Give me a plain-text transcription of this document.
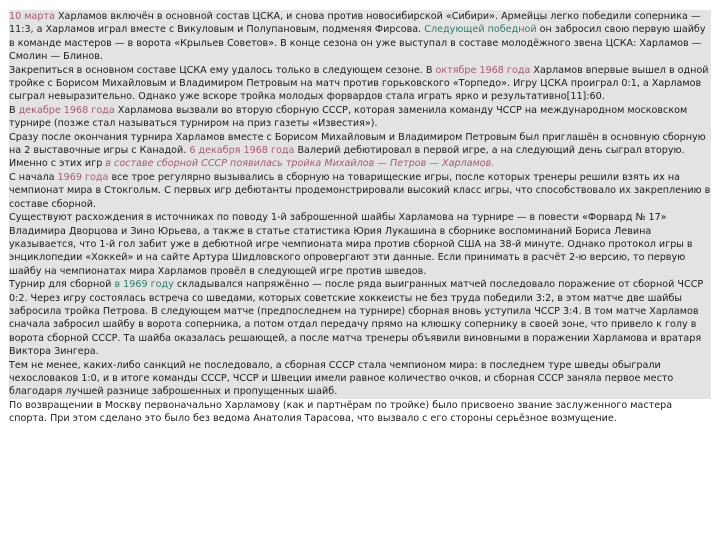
10 марта Харламов включён в основной состав ЦСКА, и снова против новосибирской «Сибири». Армейцы легко победили соперника — 11:3, а Харламов играл вместе с Викуловым и Полупановым, подменяя Фирсова. Следующей победной он забросил свою первую шайбу в команде мастеров — в ворота «Крыльев Советов». В конце сезона он уже выступал в составе молодёжного звена ЦСКА: Харламов — Смолин — Блинов.

Закрепиться в основном составе ЦСКА ему удалось только в следующем сезоне. В октябре 1968 года Харламов впервые вышел в одной тройке с Борисом Михайловым и Владимиром Петровым на матч против горьковского «Торпедо». Игру ЦСКА проиграл 0:1, а Харламов сыграл невыразительно. Однако уже вскоре тройка молодых форвардов стала играть ярко и результативно[11]:60.

В декабре 1968 года Харламова вызвали во вторую сборную СССР, которая заменила команду ЧССР на международном московском турнире (позже стал называться турниром на приз газеты «Известия»).

Сразу после окончания турнира Харламов вместе с Борисом Михайловым и Владимиром Петровым был приглашён в основную сборную на 2 выставочные игры с Канадой. 6 декабря 1968 года Валерий дебютировал в первой игре, а на следующий день сыграл вторую. Именно с этих игр в составе сборной СССР появилась тройка Михайлов — Петров — Харламов.

С начала 1969 года все трое регулярно вызывались в сборную на товарищеские игры, после которых тренеры решили взять их на чемпионат мира в Стокгольм. С первых игр дебютанты продемонстрировали высокий класс игры, что способствовало их закреплению в составе сборной.

Существуют расхождения в источниках по поводу 1-й заброшенной шайбы Харламова на турнире — в повести «Форвард № 17» Владимира Дворцова и Зино Юрьева, а также в статье статистика Юрия Лукашина в сборнике воспоминаний Бориса Левина указывается, что 1-й гол забит уже в дебютной игре чемпионата мира против сборной США на 38-й минуте. Однако протокол игры в энциклопедии «Хоккей» и на сайте Артура Шидловского опровергают эти данные. Если принимать в расчёт 2-ю версию, то первую шайбу на чемпионатах мира Харламов провёл в следующей игре против шведов.

Турнир для сборной в 1969 году складывался напряжённо — после ряда выигранных матчей последовало поражение от сборной ЧССР 0:2. Через игру состоялась встреча со шведами, которых советские хоккеисты не без труда победили 3:2, в этом матче две шайбы забросила тройка Петрова. В следующем матче (предпоследнем на турнире) сборная вновь уступила ЧССР 3:4. В том матче Харламов сначала забросил шайбу в ворота соперника, а потом отдал передачу прямо на клюшку сопернику в своей зоне, что привело к голу в ворота сборной СССР. Та шайба оказалась решающей, а после матча тренеры объявили виновными в поражении Харламова и вратаря Виктора Зингера.

Тем не менее, каких-либо санкций не последовало, а сборная СССР стала чемпионом мира: в последнем туре шведы обыграли чехословаков 1:0, и в итоге команды СССР, ЧССР и Швеции имели равное количество очков, и сборная СССР заняла первое место благодаря лучшей разнице заброшенных и пропущенных шайб.

По возвращении в Москву первоначально Харламову (как и партнёрам по тройке) было присвоено звание заслуженного мастера спорта. При этом сделано это было без ведома Анатолия Тарасова, что вызвало с его стороны серьёзное возмущение.
